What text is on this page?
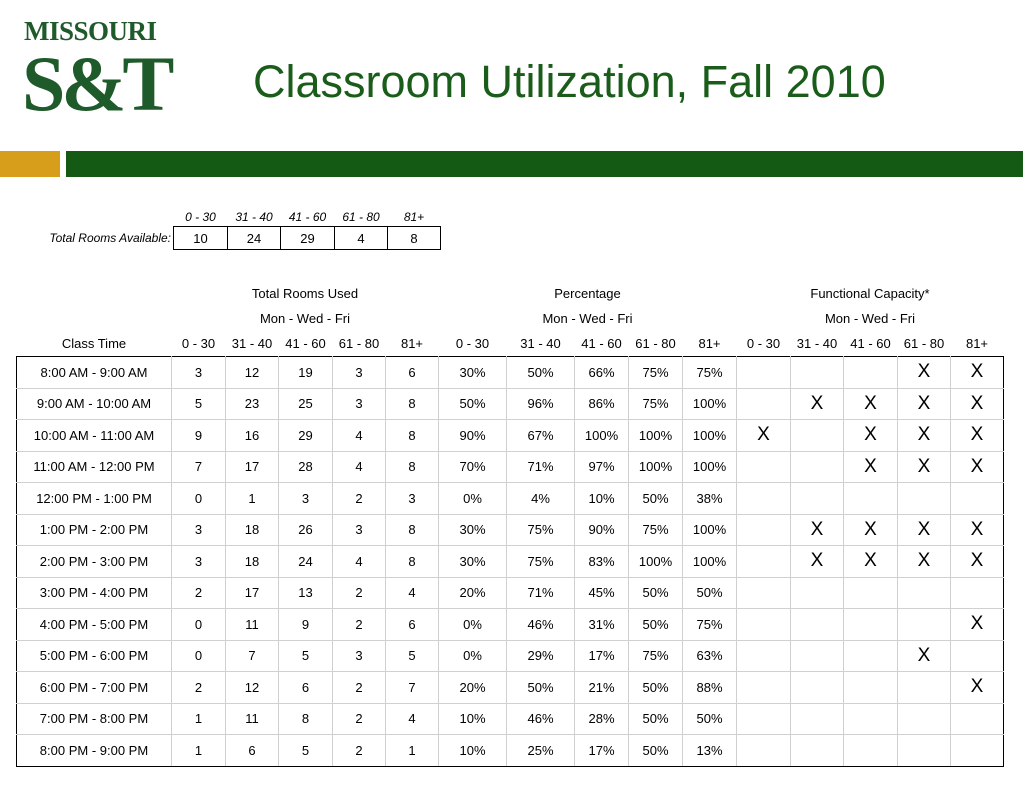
MISSOURI
S&T Classroom Utilization, Fall 2010
	0 - 30	31 - 40	41 - 60	61 - 80	81+
Total Rooms Available:	10	24	29	4	8
	Total Rooms Used					Percentage					Functional Capacity*				
	Mon - Wed - Fri					Mon - Wed - Fri					Mon - Wed - Fri				
Class Time	0 - 30	31 - 40	41 - 60	61 - 80	81+	0 - 30	31 - 40	41 - 60	61 - 80	81+	0 - 30	31 - 40	41 - 60	61 - 80	81+
8:00 AM - 9:00 AM	3	12	19	3	6	30%	50%	66%	75%	75%				X	X
9:00 AM - 10:00 AM	5	23	25	3	8	50%	96%	86%	75%	100%		X	X	X	X
10:00 AM - 11:00 AM	9	16	29	4	8	90%	67%	100%	100%	100%	X		X	X	X
11:00 AM - 12:00 PM	7	17	28	4	8	70%	71%	97%	100%	100%			X	X	X
12:00 PM - 1:00 PM	0	1	3	2	3	0%	4%	10%	50%	38%					
1:00 PM - 2:00 PM	3	18	26	3	8	30%	75%	90%	75%	100%		X	X	X	X
2:00 PM - 3:00 PM	3	18	24	4	8	30%	75%	83%	100%	100%		X	X	X	X
3:00 PM - 4:00 PM	2	17	13	2	4	20%	71%	45%	50%	50%					
4:00 PM - 5:00 PM	0	11	9	2	6	0%	46%	31%	50%	75%					X
5:00 PM - 6:00 PM	0	7	5	3	5	0%	29%	17%	75%	63%				X	
6:00 PM - 7:00 PM	2	12	6	2	7	20%	50%	21%	50%	88%					X
7:00 PM - 8:00 PM	1	11	8	2	4	10%	46%	28%	50%	50%					
8:00 PM - 9:00 PM	1	6	5	2	1	10%	25%	17%	50%	13%					
